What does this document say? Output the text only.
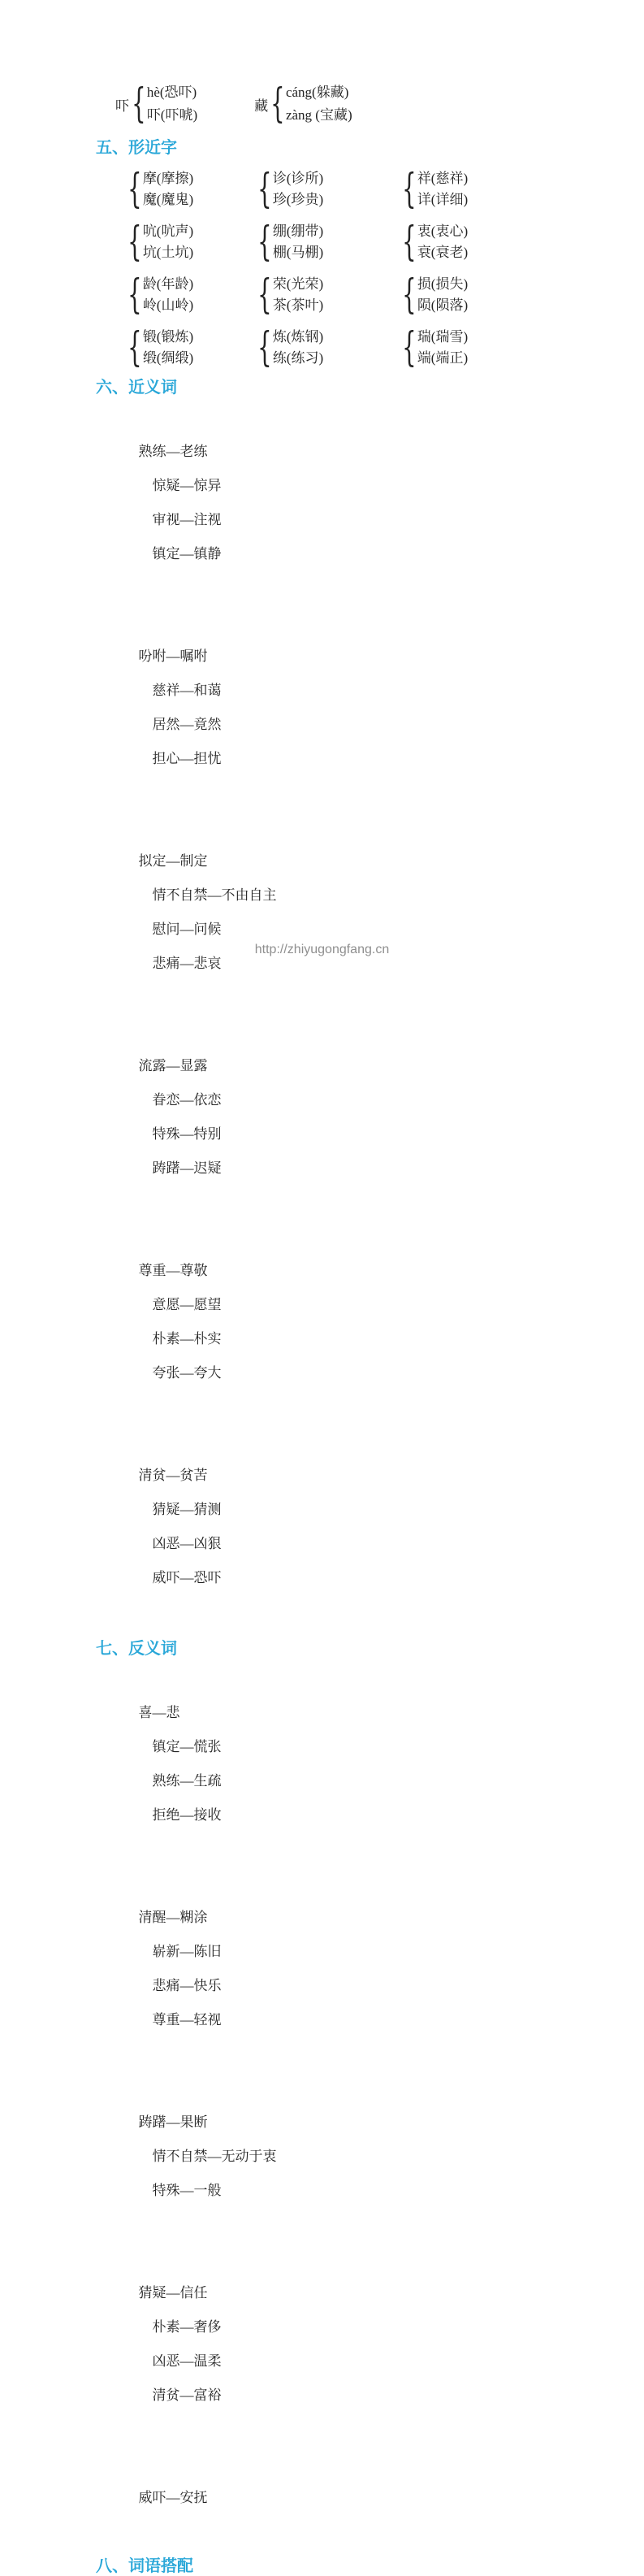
吓
{
hè(恐吓)
吓(吓唬)
藏
{
cáng(躲藏)
zàng (宝藏)
五、形近字
{
摩(摩擦)
魔(魔鬼)
{
诊(诊所)
珍(珍贵)
{
祥(慈祥)
详(详细)
{
吭(吭声)
坑(土坑)
{
绷(绷带)
棚(马棚)
{
衷(衷心)
衰(衰老)
{
龄(年龄)
岭(山岭)
{
荣(光荣)
茶(茶叶)
{
损(损失)
陨(陨落)
{
锻(锻炼)
缎(绸缎)
{
炼(炼钢)
练(练习)
{
瑞(瑞雪)
端(端正)
六、近义词

熟练—老练
惊疑—惊异
审视—注视
镇定—镇静

吩咐—嘱咐
慈祥—和蔼
居然—竟然
担心—担忧

拟定—制定
情不自禁—不由自主
慰问—问候
悲痛—悲哀

流露—显露
眷恋—依恋
特殊—特别
踌躇—迟疑

尊重—尊敬
意愿—愿望
朴素—朴实
夸张—夸大

清贫—贫苦
猜疑—猜测
凶恶—凶狠
威吓—恐吓

七、反义词

喜—悲
镇定—慌张
熟练—生疏
拒绝—接收

清醒—糊涂
崭新—陈旧
悲痛—快乐
尊重—轻视

踌躇—果断
情不自禁—无动于衷
特殊—一般

猜疑—信任
朴素—奢侈
凶恶—温柔
清贫—富裕

威吓—安抚

八、词语搭配
http://zhiyugongfang.cn
